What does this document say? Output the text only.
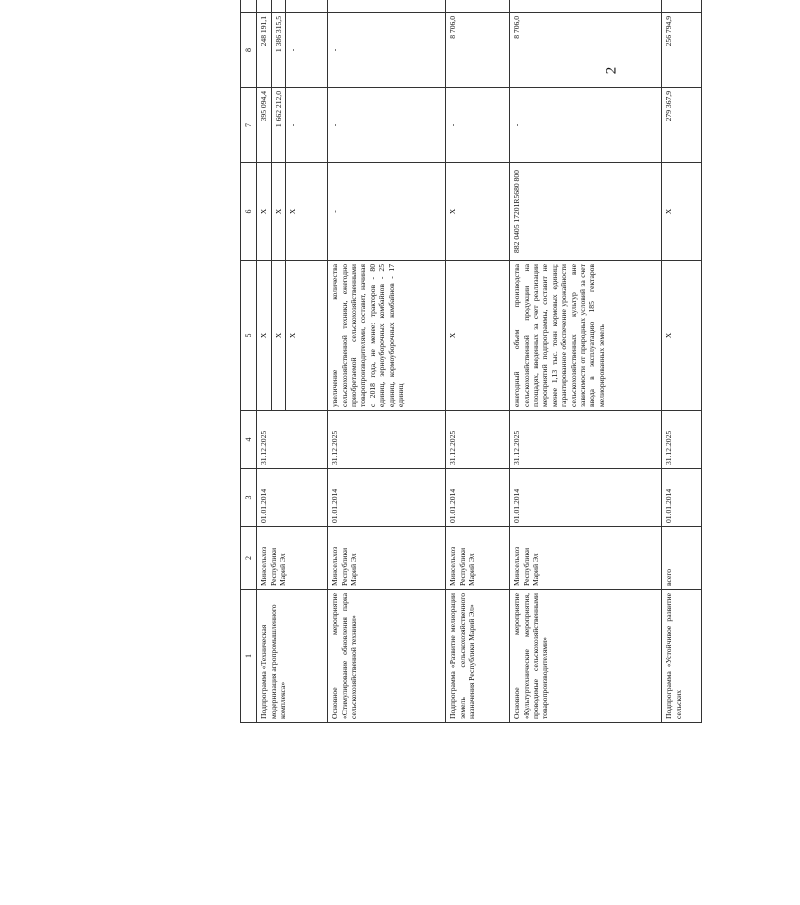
2
1	2	3	4	5	6	7	8		
Подпрограмма «Техническая модернизация агропромышленного комплекса»	Минсельхоз Республики Марий Эл	01.01.2014	31.12.2025	Х	Х	395 094,4	248 191,1		
				Х	Х	1 662 212,0	1 386 315,5		
				Х	Х	-	-		
Основное мероприятие «Стимулирование обновления парка сельскохозяйственной техники»	Минсельхоз Республики Марий Эл	01.01.2014	31.12.2025	увеличение количества сельскохозяйственной техники, ежегодно приобретаемой сельскохозяйственными товаропроизводителями, составит, начиная с 2018 года, не менее: тракторов - 80 единиц, зерноуборочных комбайнов - 25 единиц, кормоуборочных комбайнов - 17 единиц	-	-	-		
Подпрограмма «Развитие мелиорации земель сельскохозяйственного назначения Республики Марий Эл»	Минсельхоз Республики Марий Эл	01.01.2014	31.12.2025	Х	Х	-	8 706,0		
Основное мероприятие «Культуртехнические мероприятия, проводимые сельскохозяйственными товаропроизводителями»	Минсельхоз Республики Марий Эл	01.01.2014	31.12.2025	ежегодный объем производства сельскохозяйственной продукции на площадях, введенных за счет реализации мероприятий подпрограммы, составит не менее 1,13 тыс. тонн кормовых единиц; гарантированное обеспечение урожайности сельскохозяйственных культур вне зависимости от природных условий за счет ввода в эксплуатацию 185 гектаров мелиорированных земель	882 0405 17201R5680 800	-	8 706,0		
Подпрограмма «Устойчивое развитие сельских	всего	01.01.2014	31.12.2025	Х	Х	279 367,9	256 794,9		
